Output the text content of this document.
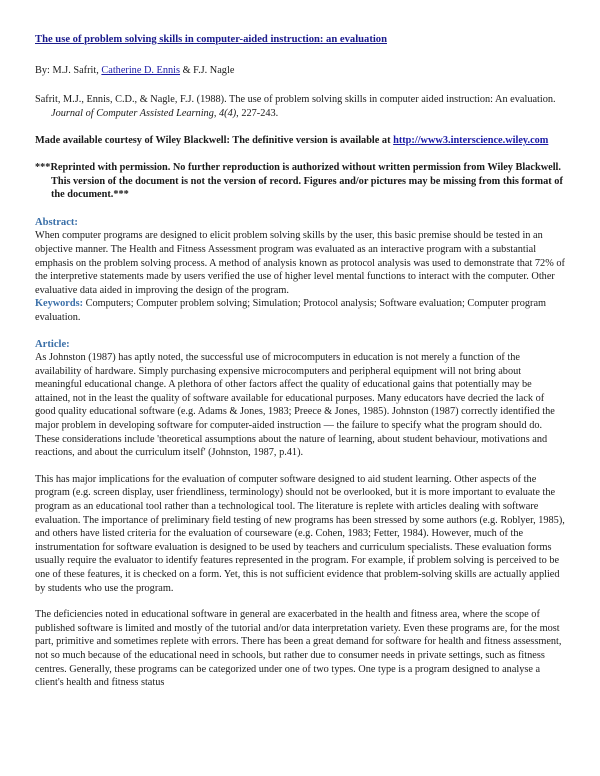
The use of problem solving skills in computer-aided instruction: an evaluation

By: M.J. Safrit, Catherine D. Ennis & F.J. Nagle

Safrit, M.J., Ennis, C.D., & Nagle, F.J. (1988). The use of problem solving skills in computer aided instruction: An evaluation. Journal of Computer Assisted Learning, 4(4), 227-243.

Made available courtesy of Wiley Blackwell: The definitive version is available at http://www3.interscience.wiley.com

***Reprinted with permission. No further reproduction is authorized without written permission from Wiley Blackwell. This version of the document is not the version of record. Figures and/or pictures may be missing from this format of the document.***

Abstract:

When computer programs are designed to elicit problem solving skills by the user, this basic premise should be tested in an objective manner. The Health and Fitness Assessment program was evaluated as an interactive program with a substantial emphasis on the problem solving process. A method of analysis known as protocol analysis was used to demonstrate that 72% of the interpretive statements made by users verified the use of higher level mental functions to interact with the computer. Other evaluative data aided in improving the design of the program.

Keywords: Computers; Computer problem solving; Simulation; Protocol analysis; Software evaluation; Computer program evaluation.

Article:

As Johnston (1987) has aptly noted, the successful use of microcomputers in education is not merely a function of the availability of hardware. Simply purchasing expensive microcomputers and peripheral equipment will not bring about meaningful educational change. A plethora of other factors affect the quality of educational gains that potentially may be attained, not in the least the quality of software available for educational purposes. Many educators have decried the lack of good quality educational software (e.g. Adams & Jones, 1983; Preece & Jones, 1985). Johnston (1987) correctly identified the major problem in developing software for computer-aided instruction — the failure to specify what the program should do. These considerations include 'theoretical assumptions about the nature of learning, about student behaviour, motivations and reactions, and about the curriculum itself' (Johnston, 1987, p.41).

This has major implications for the evaluation of computer software designed to aid student learning. Other aspects of the program (e.g. screen display, user friendliness, terminology) should not be overlooked, but it is more important to evaluate the program as an educational tool rather than a technological tool. The literature is replete with articles dealing with software evaluation. The importance of preliminary field testing of new programs has been stressed by some authors (e.g. Roblyer, 1985), and others have listed criteria for the evaluation of courseware (e.g. Cohen, 1983; Fetter, 1984). However, much of the instrumentation for software evaluation is designed to be used by teachers and curriculum specialists. These evaluation forms usually require the evaluator to identify features represented in the program. For example, if problem solving is perceived to be one of these features, it is checked on a form. Yet, this is not sufficient evidence that problem-solving skills are actually applied by students who use the program.

The deficiencies noted in educational software in general are exacerbated in the health and fitness area, where the scope of published software is limited and mostly of the tutorial and/or data interpretation variety. Even these programs are, for the most part, primitive and sometimes replete with errors. There has been a great demand for software for health and fitness assessment, not so much because of the educational need in schools, but rather due to consumer needs in private settings, such as fitness centres. Generally, these programs can be categorized under one of two types. One type is a program designed to analyse a client's health and fitness status
